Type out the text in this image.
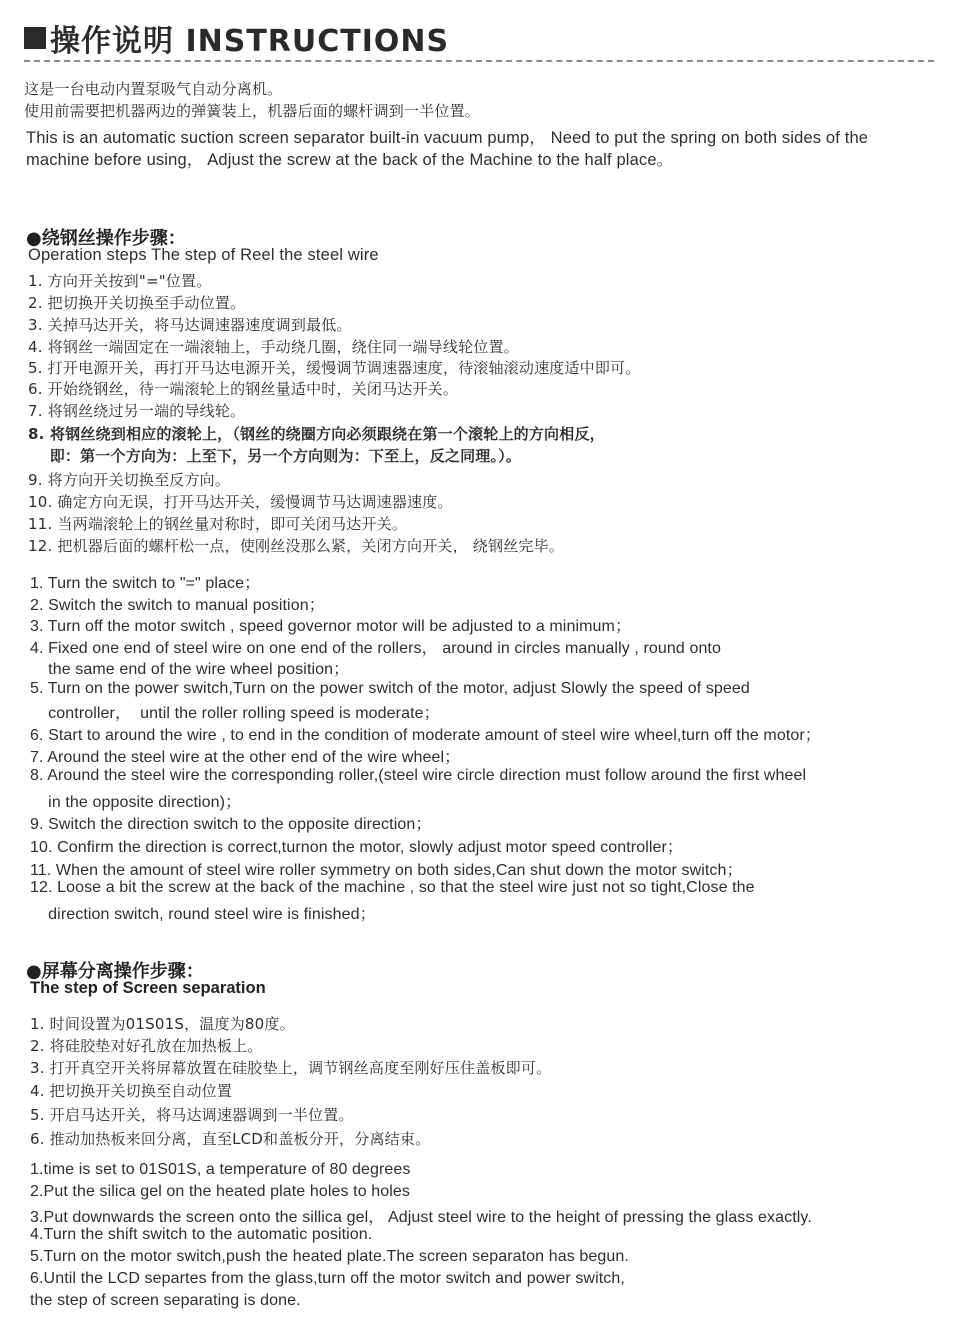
操作说明 INSTRUCTIONS
这是一台电动内置泵吸气自动分离机。
使用前需要把机器两边的弹簧装上，机器后面的螺杆调到一半位置。
This is an automatic suction screen separator built-in vacuum pump， Need to put the spring on both sides of the
machine before using， Adjust the screw at the back of the Machine to the half place。
●绕钢丝操作步骤：
Operation steps The step of Reel the steel wire
1. 方向开关按到"="位置。
2. 把切换开关切换至手动位置。
3. 关掉马达开关，将马达调速器速度调到最低。
4. 将钢丝一端固定在一端滚轴上，手动绕几圈，绕住同一端导线轮位置。
5. 打开电源开关，再打开马达电源开关，缓慢调节调速器速度，待滚轴滚动速度适中即可。
6. 开始绕钢丝，待一端滚轮上的钢丝量适中时，关闭马达开关。
7. 将钢丝绕过另一端的导线轮。
8. 将钢丝绕到相应的滚轮上，（钢丝的绕圈方向必须跟绕在第一个滚轮上的方向相反，
即：第一个方向为：上至下，另一个方向则为：下至上，反之同理。）。
9. 将方向开关切换至反方向。
10. 确定方向无误，打开马达开关，缓慢调节马达调速器速度。
11. 当两端滚轮上的钢丝量对称时，即可关闭马达开关。
12. 把机器后面的螺杆松一点，使刚丝没那么紧，关闭方向开关， 绕钢丝完毕。
1. Turn the switch to "=" place；
2. Switch the switch to manual position；
3. Turn off the motor switch , speed governor motor will be adjusted to a minimum；
4. Fixed one end of steel wire on one end of the rollers， around in circles manually , round onto
the same end of the wire wheel position；
5. Turn on the power switch,Turn on the power switch of the motor, adjust Slowly the speed of speed
controller，  until the roller rolling speed is moderate；
6. Start to around the wire , to end in the condition of moderate amount of steel wire wheel,turn off the motor；
7. Around the steel wire at the other end of the wire wheel；
8. Around the steel wire the corresponding roller,(steel wire circle direction must follow around the first wheel
in the opposite direction)；
9. Switch the direction switch to the opposite direction；
10. Confirm the direction is correct,turnon the motor, slowly adjust motor speed controller；
11. When the amount of steel wire roller symmetry on both sides,Can shut down the motor switch；
12. Loose a bit the screw at the back of the machine , so that the steel wire just not so tight,Close the
direction switch, round steel wire is finished；
●屏幕分离操作步骤：
The step of Screen separation
1. 时间设置为01S01S，温度为80度。
2. 将硅胶垫对好孔放在加热板上。
3. 打开真空开关将屏幕放置在硅胶垫上，调节钢丝高度至刚好压住盖板即可。
4. 把切换开关切换至自动位置
5. 开启马达开关，将马达调速器调到一半位置。
6. 推动加热板来回分离，直至LCD和盖板分开，分离结束。
1.time is set to 01S01S, a temperature of 80 degrees
2.Put the silica gel on the heated plate holes to holes
3.Put downwards the screen onto the sillica gel， Adjust steel wire to the height of pressing the glass exactly.
4.Turn the shift switch to the automatic position.
5.Turn on the motor switch,push the heated plate.The screen separaton has begun.
6.Until the LCD separtes from the glass,turn off the motor switch and power switch,
the step of screen separating is done.
